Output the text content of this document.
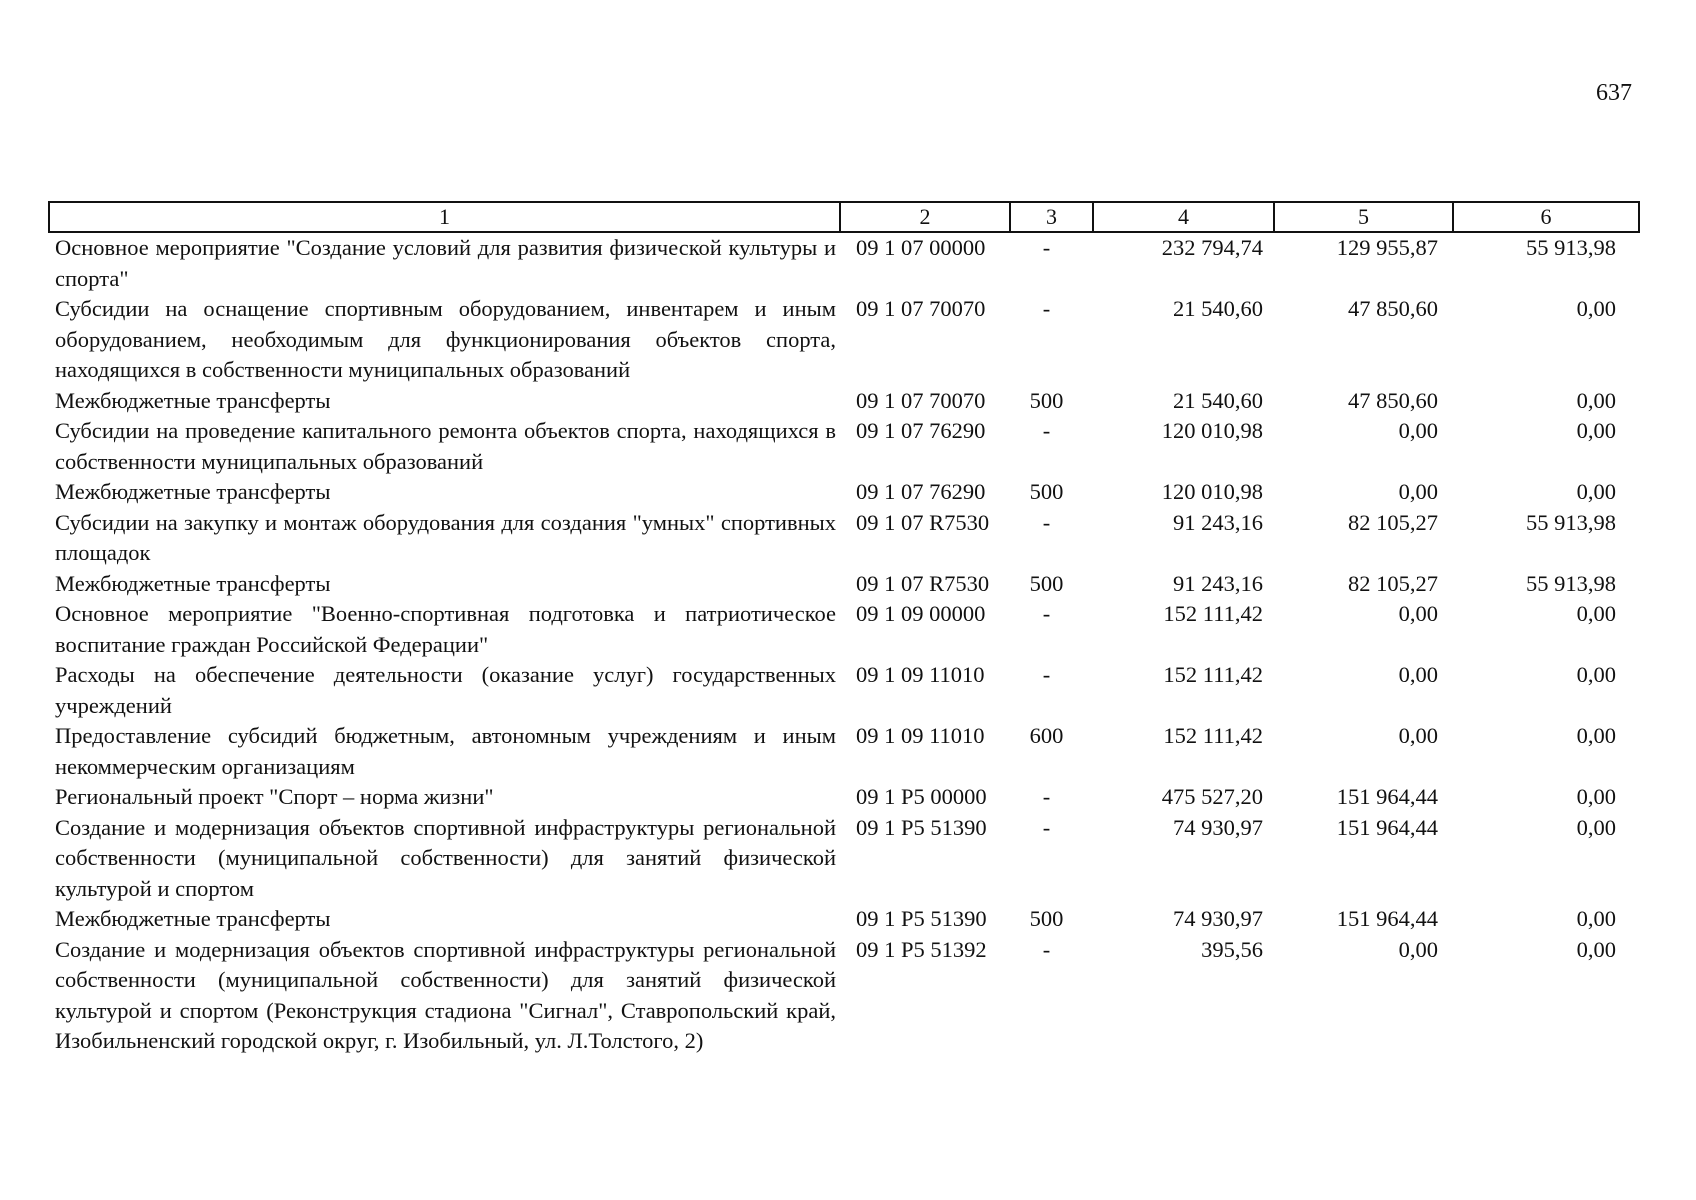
637
1	2	3	4	5	6
Основное мероприятие "Создание условий для развития физической культуры и спорта"	09 1 07 00000	-	232 794,74	129 955,87	55 913,98
Субсидии на оснащение спортивным оборудованием, инвентарем и иным оборудованием, необходимым для функционирования объектов спорта, находящихся в собственности муниципальных образований	09 1 07 70070	-	21 540,60	47 850,60	0,00
Межбюджетные трансферты	09 1 07 70070	500	21 540,60	47 850,60	0,00
Субсидии на проведение капитального ремонта объектов спорта, находящихся в собственности муниципальных образований	09 1 07 76290	-	120 010,98	0,00	0,00
Межбюджетные трансферты	09 1 07 76290	500	120 010,98	0,00	0,00
Субсидии на закупку и монтаж оборудования для создания "умных" спортивных площадок	09 1 07 R7530	-	91 243,16	82 105,27	55 913,98
Межбюджетные трансферты	09 1 07 R7530	500	91 243,16	82 105,27	55 913,98
Основное мероприятие "Военно-спортивная подготовка и патриотическое воспитание граждан Российской Федерации"	09 1 09 00000	-	152 111,42	0,00	0,00
Расходы на обеспечение деятельности (оказание услуг) государственных учреждений	09 1 09 11010	-	152 111,42	0,00	0,00
Предоставление субсидий бюджетным, автономным учреждениям и иным некоммерческим организациям	09 1 09 11010	600	152 111,42	0,00	0,00
Региональный проект "Спорт – норма жизни"	09 1 P5 00000	-	475 527,20	151 964,44	0,00
Создание и модернизация объектов спортивной инфраструктуры региональной собственности (муниципальной собственности) для занятий физической культурой и спортом	09 1 P5 51390	-	74 930,97	151 964,44	0,00
Межбюджетные трансферты	09 1 P5 51390	500	74 930,97	151 964,44	0,00
Создание и модернизация объектов спортивной инфраструктуры региональной собственности (муниципальной собственности) для занятий физической культурой и спортом (Реконструкция стадиона "Сигнал", Ставропольский край, Изобильненский городской округ, г. Изобильный, ул. Л.Толстого, 2)	09 1 P5 51392	-	395,56	0,00	0,00
